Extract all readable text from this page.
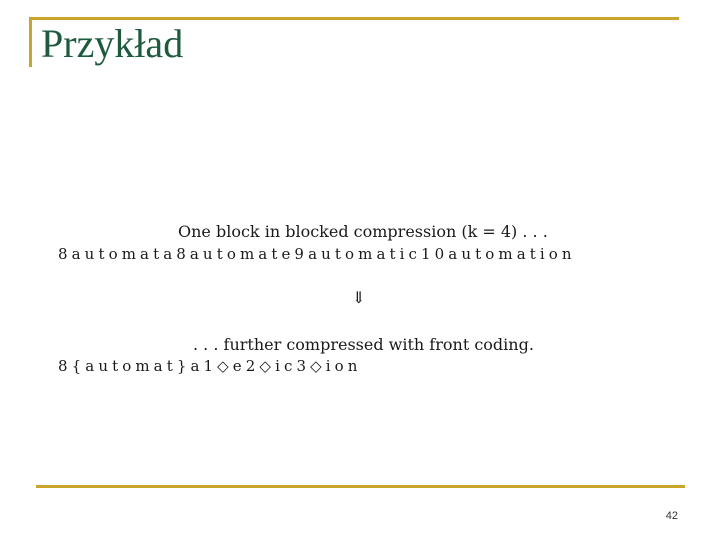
Przykład
One block in blocked compression (k = 4) . . .
8automata8automate9automatic10automation
⇓
. . . further compressed with front coding.
8{automat}a1◇e2◇ic3◇ion
42
